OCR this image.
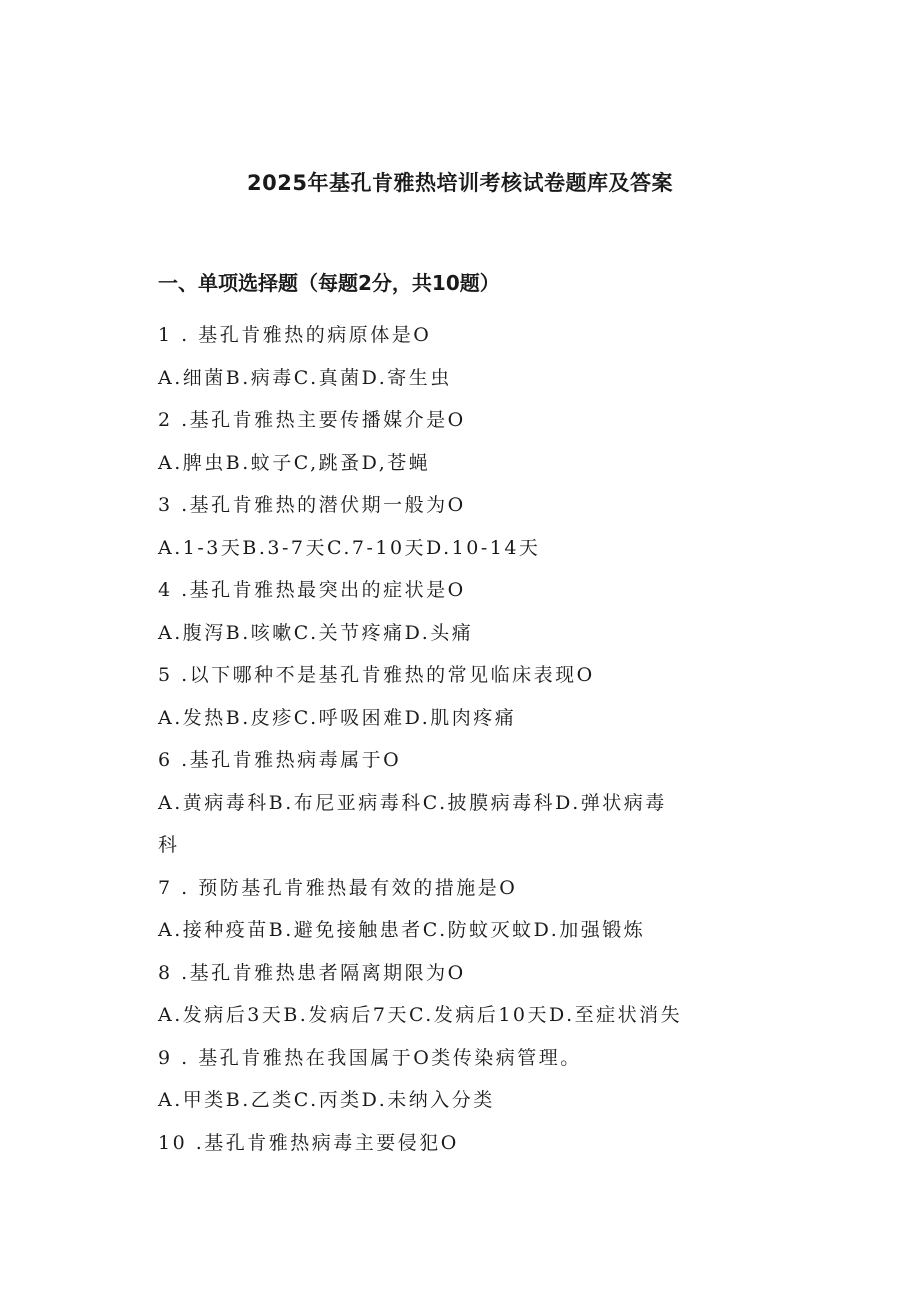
2025年基孔肯雅热培训考核试卷题库及答案
一、单项选择题（每题2分，共10题）

1 . 基孔肯雅热的病原体是O

A.细菌B.病毒C.真菌D.寄生虫

2 .基孔肯雅热主要传播媒介是O

A.脾虫B.蚊子C,跳蚤D,苍蝇

3 .基孔肯雅热的潜伏期一般为O

A.1-3天B.3-7天C.7-10天D.10-14天

4 .基孔肯雅热最突出的症状是O

A.腹泻B.咳嗽C.关节疼痛D.头痛

5 .以下哪种不是基孔肯雅热的常见临床表现O

A.发热B.皮疹C.呼吸困难D.肌肉疼痛

6 .基孔肯雅热病毒属于O

A.黄病毒科B.布尼亚病毒科C.披膜病毒科D.弹状病毒科

7 . 预防基孔肯雅热最有效的措施是O

A.接种疫苗B.避免接触患者C.防蚊灭蚊D.加强锻炼

8 .基孔肯雅热患者隔离期限为O

A.发病后3天B.发病后7天C.发病后10天D.至症状消失

9 . 基孔肯雅热在我国属于O类传染病管理。

A.甲类B.乙类C.丙类D.未纳入分类

10 .基孔肯雅热病毒主要侵犯O
